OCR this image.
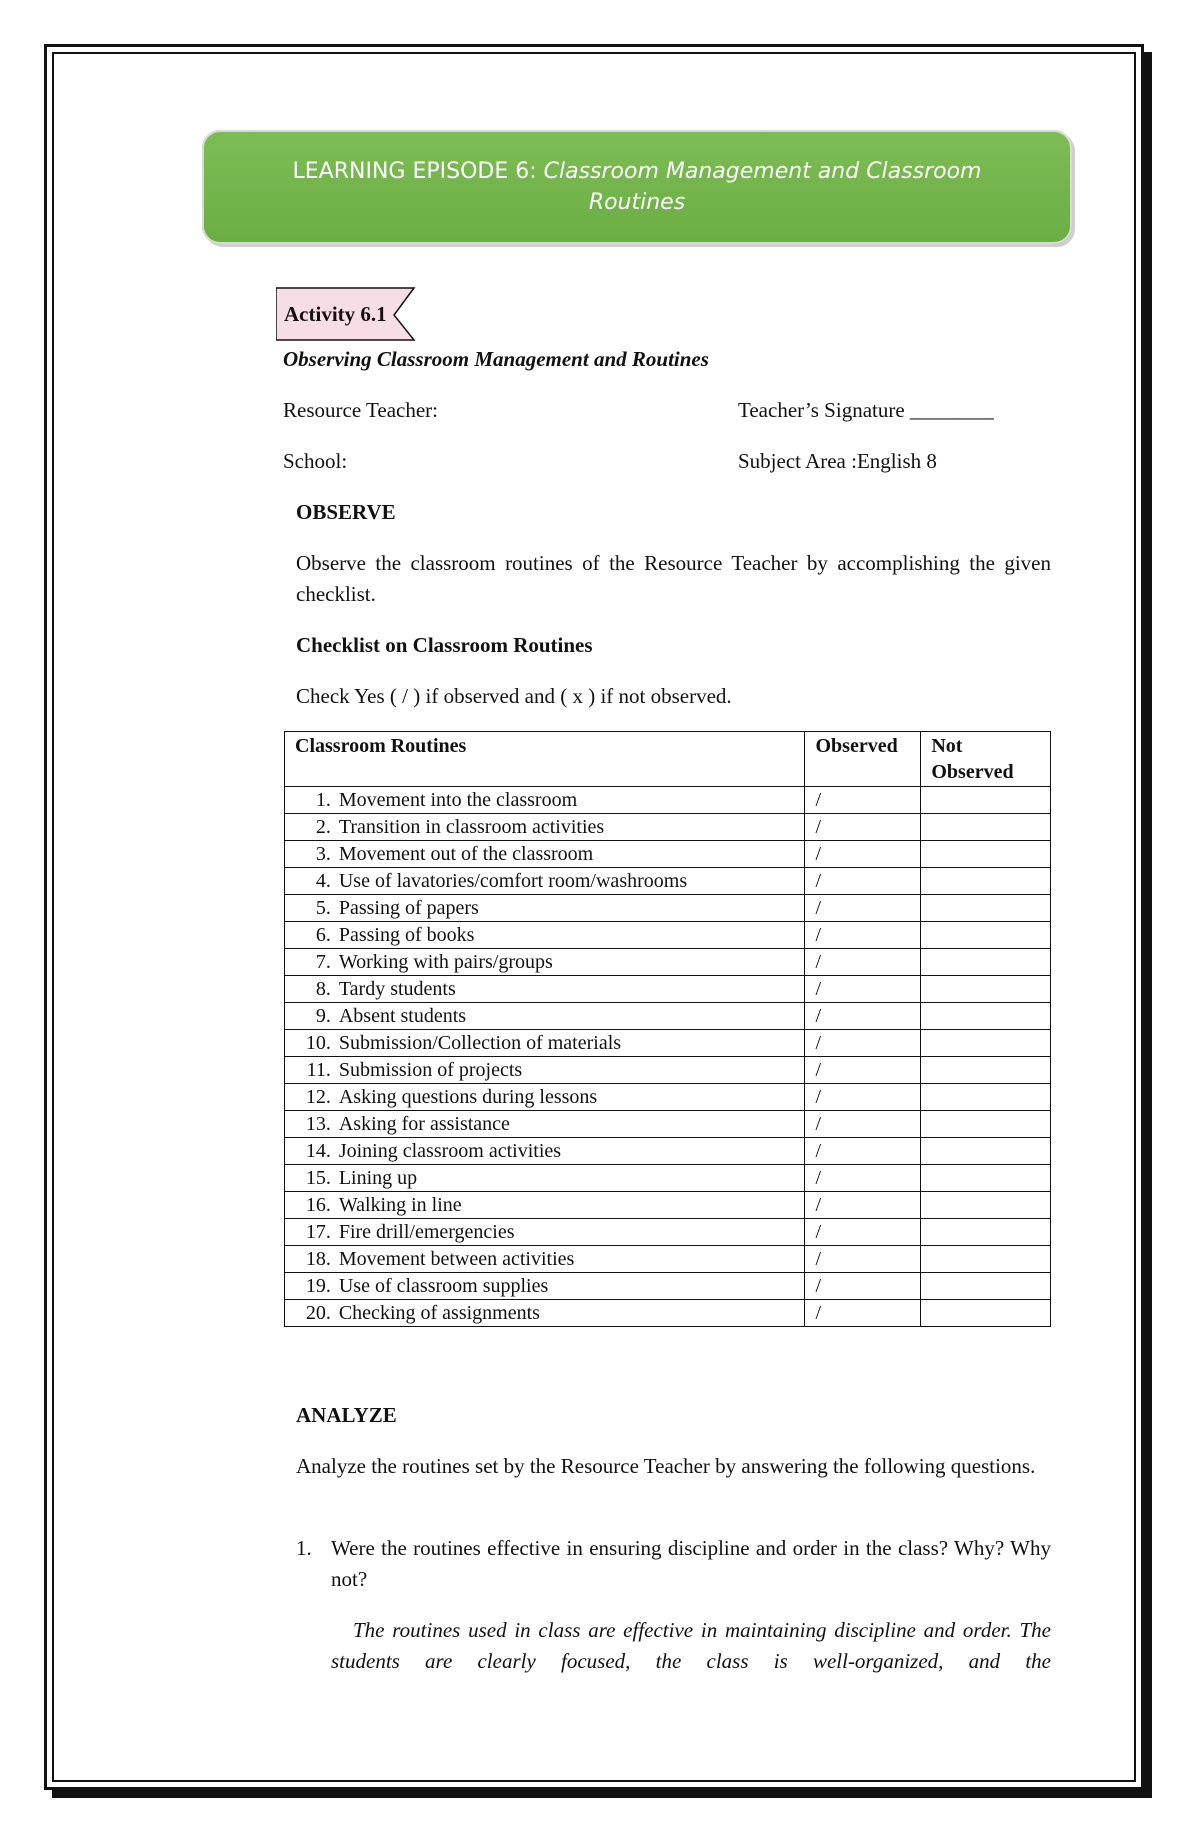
LEARNING EPISODE 6: Classroom Management and Classroom Routines
Activity 6.1
Observing Classroom Management and Routines
Resource Teacher:	Teacher’s Signature ________
School:	Subject Area :English 8
OBSERVE
Observe the classroom routines of the Resource Teacher by accomplishing the given checklist.
Checklist on Classroom Routines
Check Yes ( / ) if observed and ( x ) if not observed.
Classroom Routines		Observed	Not Observed
1.	Movement into the classroom	/	
2.	Transition in classroom activities	/	
3.	Movement out of the classroom	/	
4.	Use of lavatories/comfort room/washrooms	/	
5.	Passing of papers	/	
6.	Passing of books	/	
7.	Working with pairs/groups	/	
8.	Tardy students	/	
9.	Absent students	/	
10.	Submission/Collection of materials	/	
11.	Submission of projects	/	
12.	Asking questions during lessons	/	
13.	Asking for assistance	/	
14.	Joining classroom activities	/	
15.	Lining up	/	
16.	Walking in line	/	
17.	Fire drill/emergencies	/	
18.	Movement between activities	/	
19.	Use of classroom supplies	/	
20.	Checking of assignments	/	
ANALYZE
Analyze the routines set by the Resource Teacher by answering the following questions.
1. Were the routines effective in ensuring discipline and order in the class? Why? Why not?
The routines used in class are effective in maintaining discipline and order. The students are clearly focused, the class is well-organized, and the
